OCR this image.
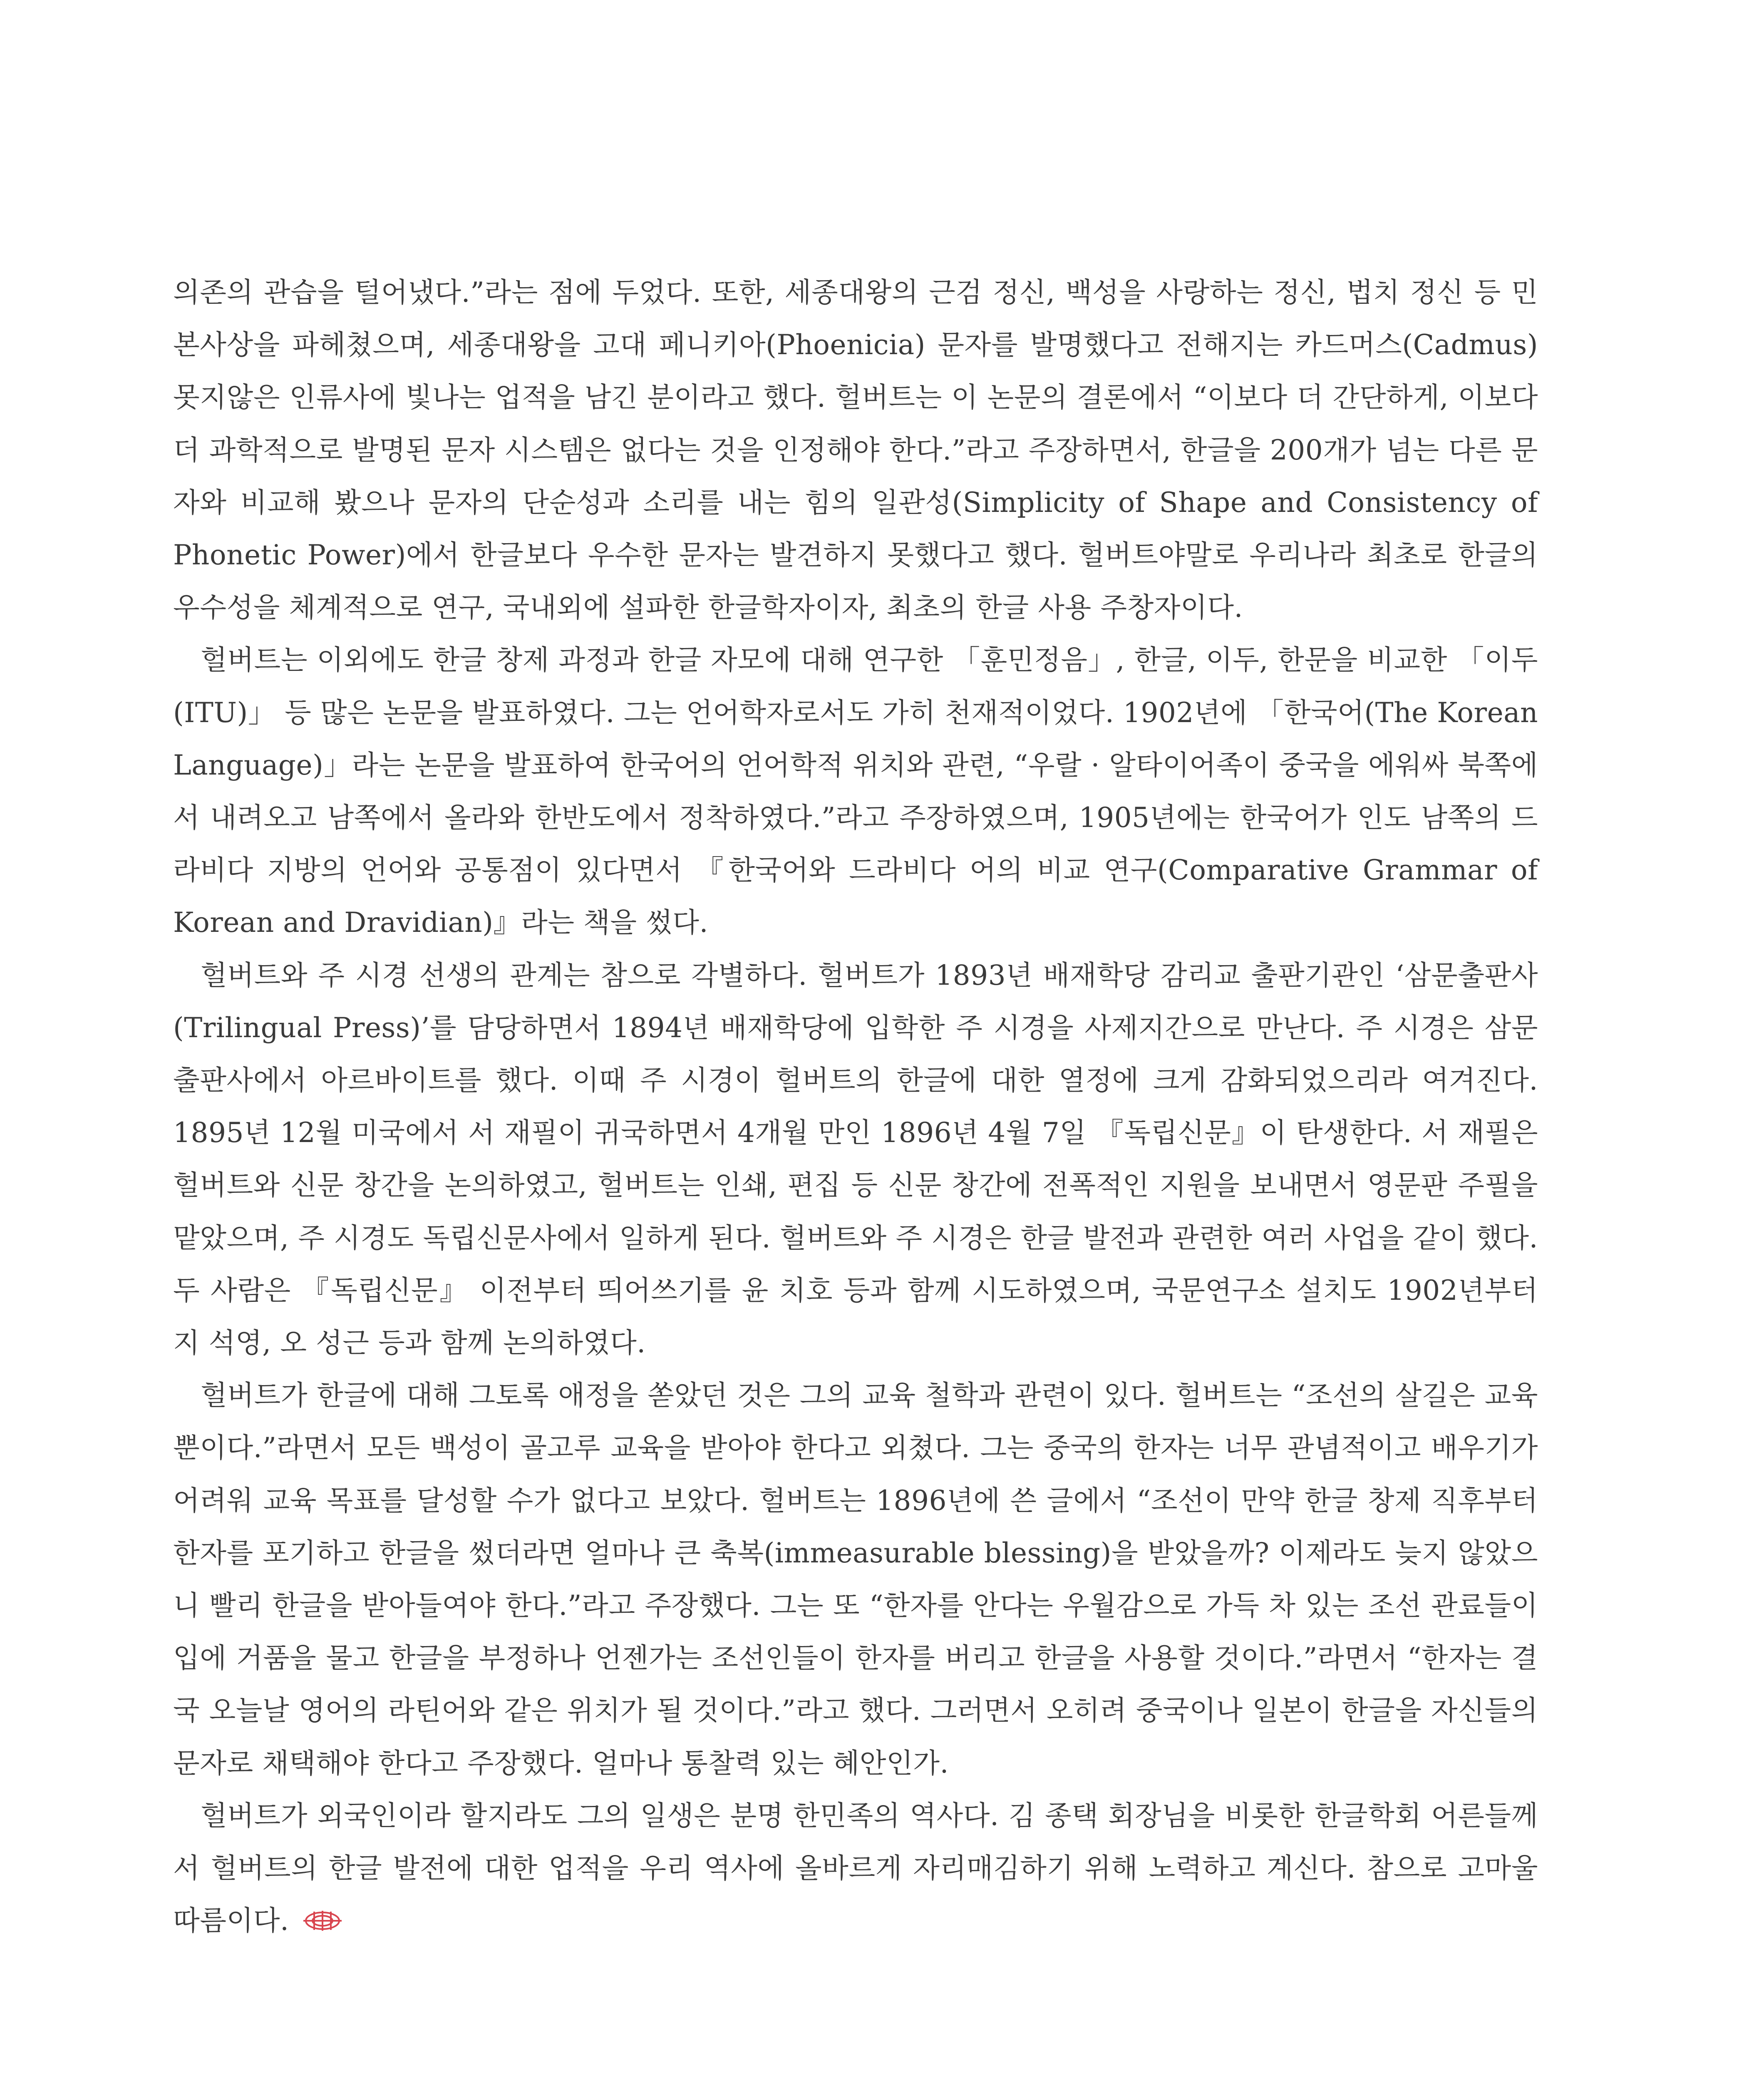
의존의 관습을 털어냈다.”라는 점에 두었다. 또한, 세종대왕의 근검 정신, 백성을 사랑하는 정신, 법치 정신 등 민본사상을 파헤쳤으며, 세종대왕을 고대 페니키아(Phoenicia) 문자를 발명했다고 전해지는 카드머스(Cadmus) 못지않은 인류사에 빛나는 업적을 남긴 분이라고 했다. 헐버트는 이 논문의 결론에서 “이보다 더 간단하게, 이보다 더 과학적으로 발명된 문자 시스템은 없다는 것을 인정해야 한다.”라고 주장하면서, 한글을 200개가 넘는 다른 문자와 비교해 봤으나 문자의 단순성과 소리를 내는 힘의 일관성(Simplicity of Shape and Consistency of Phonetic Power)에서 한글보다 우수한 문자는 발견하지 못했다고 했다. 헐버트야말로 우리나라 최초로 한글의 우수성을 체계적으로 연구, 국내외에 설파한 한글학자이자, 최초의 한글 사용 주창자이다.

헐버트는 이외에도 한글 창제 과정과 한글 자모에 대해 연구한 「훈민정음」, 한글, 이두, 한문을 비교한 「이두(ITU)」 등 많은 논문을 발표하였다. 그는 언어학자로서도 가히 천재적이었다. 1902년에 「한국어(The Korean Language)」라는 논문을 발표하여 한국어의 언어학적 위치와 관련, “우랄 · 알타이어족이 중국을 에워싸 북쪽에서 내려오고 남쪽에서 올라와 한반도에서 정착하였다.”라고 주장하였으며, 1905년에는 한국어가 인도 남쪽의 드라비다 지방의 언어와 공통점이 있다면서 『한국어와 드라비다 어의 비교 연구(Comparative Grammar of Korean and Dravidian)』라는 책을 썼다.

헐버트와 주 시경 선생의 관계는 참으로 각별하다. 헐버트가 1893년 배재학당 감리교 출판기관인 ‘삼문출판사(Trilingual Press)’를 담당하면서 1894년 배재학당에 입학한 주 시경을 사제지간으로 만난다. 주 시경은 삼문출판사에서 아르바이트를 했다. 이때 주 시경이 헐버트의 한글에 대한 열정에 크게 감화되었으리라 여겨진다. 1895년 12월 미국에서 서 재필이 귀국하면서 4개월 만인 1896년 4월 7일 『독립신문』이 탄생한다. 서 재필은 헐버트와 신문 창간을 논의하였고, 헐버트는 인쇄, 편집 등 신문 창간에 전폭적인 지원을 보내면서 영문판 주필을 맡았으며, 주 시경도 독립신문사에서 일하게 된다. 헐버트와 주 시경은 한글 발전과 관련한 여러 사업을 같이 했다. 두 사람은 『독립신문』 이전부터 띄어쓰기를 윤 치호 등과 함께 시도하였으며, 국문연구소 설치도 1902년부터 지 석영, 오 성근 등과 함께 논의하였다.

헐버트가 한글에 대해 그토록 애정을 쏟았던 것은 그의 교육 철학과 관련이 있다. 헐버트는 “조선의 살길은 교육뿐이다.”라면서 모든 백성이 골고루 교육을 받아야 한다고 외쳤다. 그는 중국의 한자는 너무 관념적이고 배우기가 어려워 교육 목표를 달성할 수가 없다고 보았다. 헐버트는 1896년에 쓴 글에서 “조선이 만약 한글 창제 직후부터 한자를 포기하고 한글을 썼더라면 얼마나 큰 축복(immeasurable blessing)을 받았을까? 이제라도 늦지 않았으니 빨리 한글을 받아들여야 한다.”라고 주장했다. 그는 또 “한자를 안다는 우월감으로 가득 차 있는 조선 관료들이 입에 거품을 물고 한글을 부정하나 언젠가는 조선인들이 한자를 버리고 한글을 사용할 것이다.”라면서 “한자는 결국 오늘날 영어의 라틴어와 같은 위치가 될 것이다.”라고 했다. 그러면서 오히려 중국이나 일본이 한글을 자신들의 문자로 채택해야 한다고 주장했다. 얼마나 통찰력 있는 혜안인가.

헐버트가 외국인이라 할지라도 그의 일생은 분명 한민족의 역사다. 김 종택 회장님을 비롯한 한글학회 어른들께서 헐버트의 한글 발전에 대한 업적을 우리 역사에 올바르게 자리매김하기 위해 노력하고 계신다. 참으로 고마울 따름이다.
